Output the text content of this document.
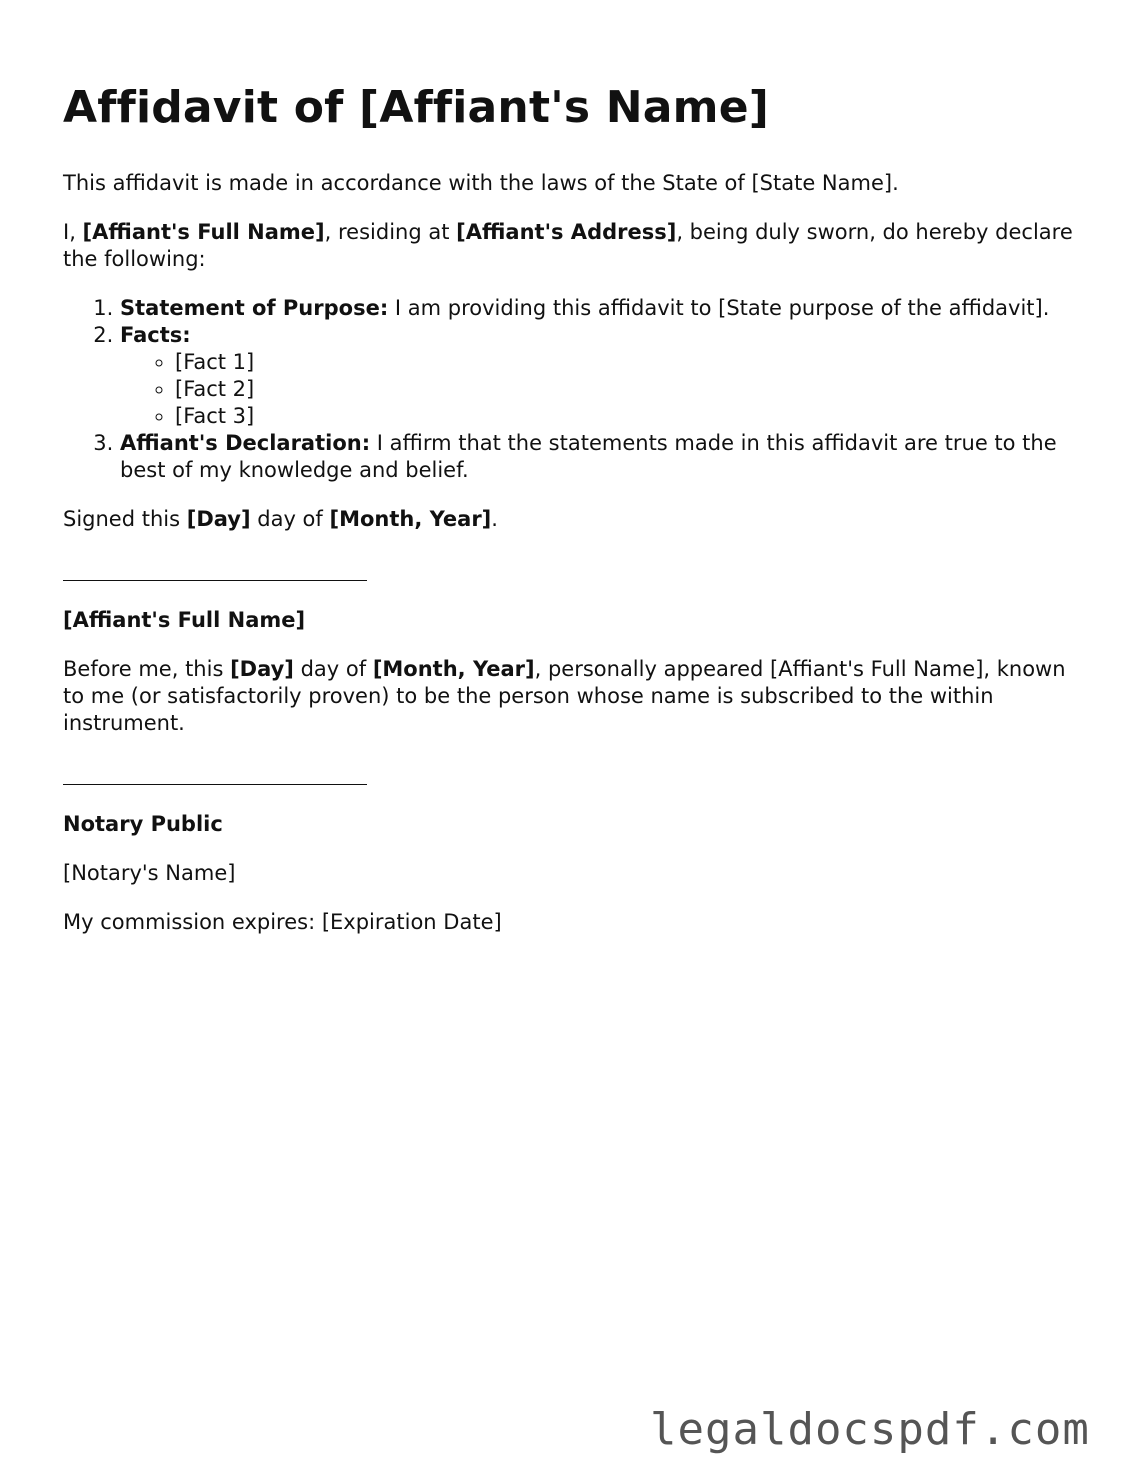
Affidavit of [Affiant's Name]

This affidavit is made in accordance with the laws of the State of [State Name].

I, [Affiant's Full Name], residing at [Affiant's Address], being duly sworn, do hereby declare the following:

1. Statement of Purpose: I am providing this affidavit to [State purpose of the affidavit].
2. Facts:
◦ [Fact 1]
◦ [Fact 2]
◦ [Fact 3]
3. Affiant's Declaration: I affirm that the statements made in this affidavit are true to the best of my knowledge and belief.

Signed this [Day] day of [Month, Year].

[Affiant's Full Name]

Before me, this [Day] day of [Month, Year], personally appeared [Affiant's Full Name], known to me (or satisfactorily proven) to be the person whose name is subscribed to the within instrument.

Notary Public

[Notary's Name]

My commission expires: [Expiration Date]

legaldocspdf.com
